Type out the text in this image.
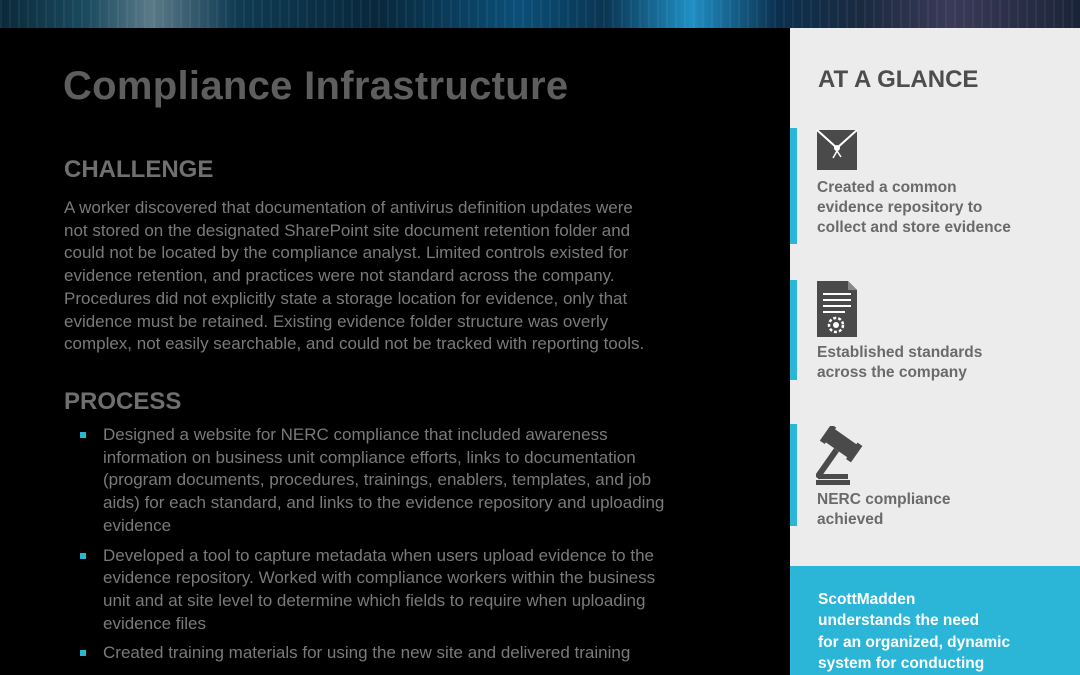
Compliance Infrastructure
CHALLENGE

A worker discovered that documentation of antivirus definition updates were
not stored on the designated SharePoint site document retention folder and
could not be located by the compliance analyst. Limited controls existed for
evidence retention, and practices were not standard across the company.
Procedures did not explicitly state a storage location for evidence, only that
evidence must be retained. Existing evidence folder structure was overly
complex, not easily searchable, and could not be tracked with reporting tools.

PROCESS
Designed a website for NERC compliance that included awareness
information on business unit compliance efforts, links to documentation
(program documents, procedures, trainings, enablers, templates, and job
aids) for each standard, and links to the evidence repository and uploading
evidence
Developed a tool to capture metadata when users upload evidence to the
evidence repository. Worked with compliance workers within the business
unit and at site level to determine which fields to require when uploading
evidence files
Created training materials for using the new site and delivered training
AT A GLANCE

Created a common
evidence repository to
collect and store evidence

Established standards
across the company

NERC compliance
achieved

ScottMadden
understands the need
for an organized, dynamic
system for conducting
